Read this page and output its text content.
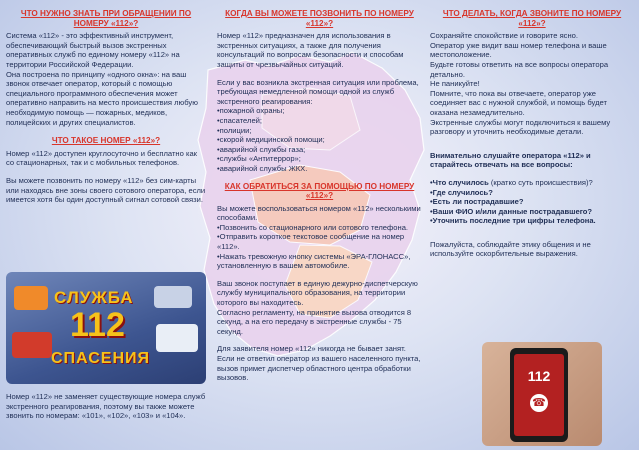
ЧТО НУЖНО ЗНАТЬ ПРИ ОБРАЩЕНИИ ПО НОМЕРУ «112»?

Система «112» - это эффективный инструмент, обеспечивающий быстрый вызов экстренных оперативных служб по единому номеру «112» на территории Российской Федерации.

Она построена по принципу «одного окна»: на ваш звонок отвечает оператор, который с помощью специального программного обеспечения может оперативно направить на место происшествия любую необходимую помощь — пожарных, медиков, полицейских и других специалистов.

ЧТО ТАКОЕ НОМЕР «112»?

Номер «112» доступен круглосуточно и бесплатно как со стационарных, так и с мобильных телефонов.

Вы можете позвонить по номеру «112» без сим-карты или находясь вне зоны своего сотового оператора, если имеется хотя бы один доступный сигнал сотовой связи.

СЛУЖБА
112
СПАСЕНИЯ

Номер «112» не заменяет существующие номера служб экстренного реагирования, поэтому вы также можете звонить по номерам: «101», «102», «103» и «104».

КОГДА ВЫ МОЖЕТЕ ПОЗВОНИТЬ ПО НОМЕРУ «112»?

Номер «112» предназначен для использования в экстренных ситуациях, а также для получения консультаций по вопросам безопасности и способам защиты от чрезвычайных ситуаций.

Если у вас возникла экстренная ситуация или проблема, требующая немедленной помощи одной из служб экстренного реагирования:

•пожарной охраны;
•спасателей;
•полиции;
•скорой медицинской помощи;
•аварийной службы газа;
•службы «Антитеррор»;
•аварийной службы ЖКХ.
КАК ОБРАТИТЬСЯ ЗА ПОМОЩЬЮ ПО НОМЕРУ «112»?

Вы можете воспользоваться номером «112» несколькими способами.

•Позвонить со стационарного или сотового телефона.
•Отправить короткое текстовое сообщение на номер «112».
•Нажать тревожную кнопку системы «ЭРА-ГЛОНАСС», установленную в вашем автомобиле.

Ваш звонок поступает в единую дежурно-диспетчерскую службу муниципального образования, на территории которого вы находитесь.

Согласно регламенту, на принятие вызова отводится 8 секунд, а на его передачу в экстренные службы - 75 секунд.

Для заявителя номер «112» никогда не бывает занят. Если не ответил оператор из вашего населенного пункта, вызов примет диспетчер областного центра обработки вызовов.

ЧТО ДЕЛАТЬ, КОГДА ЗВОНИТЕ ПО НОМЕРУ «112»?

Сохраняйте спокойствие и говорите ясно.

Оператор уже видит ваш номер телефона и ваше местоположение.

Будьте готовы ответить на все вопросы оператора детально.

Не паникуйте!

Помните, что пока вы отвечаете, оператор уже соединяет вас с нужной службой, и помощь будет оказана незамедлительно.

Экстренные службы могут подключиться к вашему разговору и уточнить необходимые детали.

Внимательно слушайте оператора «112» и старайтесь отвечать на все вопросы:

•Что случилось (кратко суть происшествия)?
•Где случилось?
•Есть ли пострадавшие?
•Ваши ФИО и/или данные пострадавшего?
•Уточнить последние три цифры телефона.

Пожалуйста, соблюдайте этику общения и не используйте оскорбительные выражения.

112
☎
